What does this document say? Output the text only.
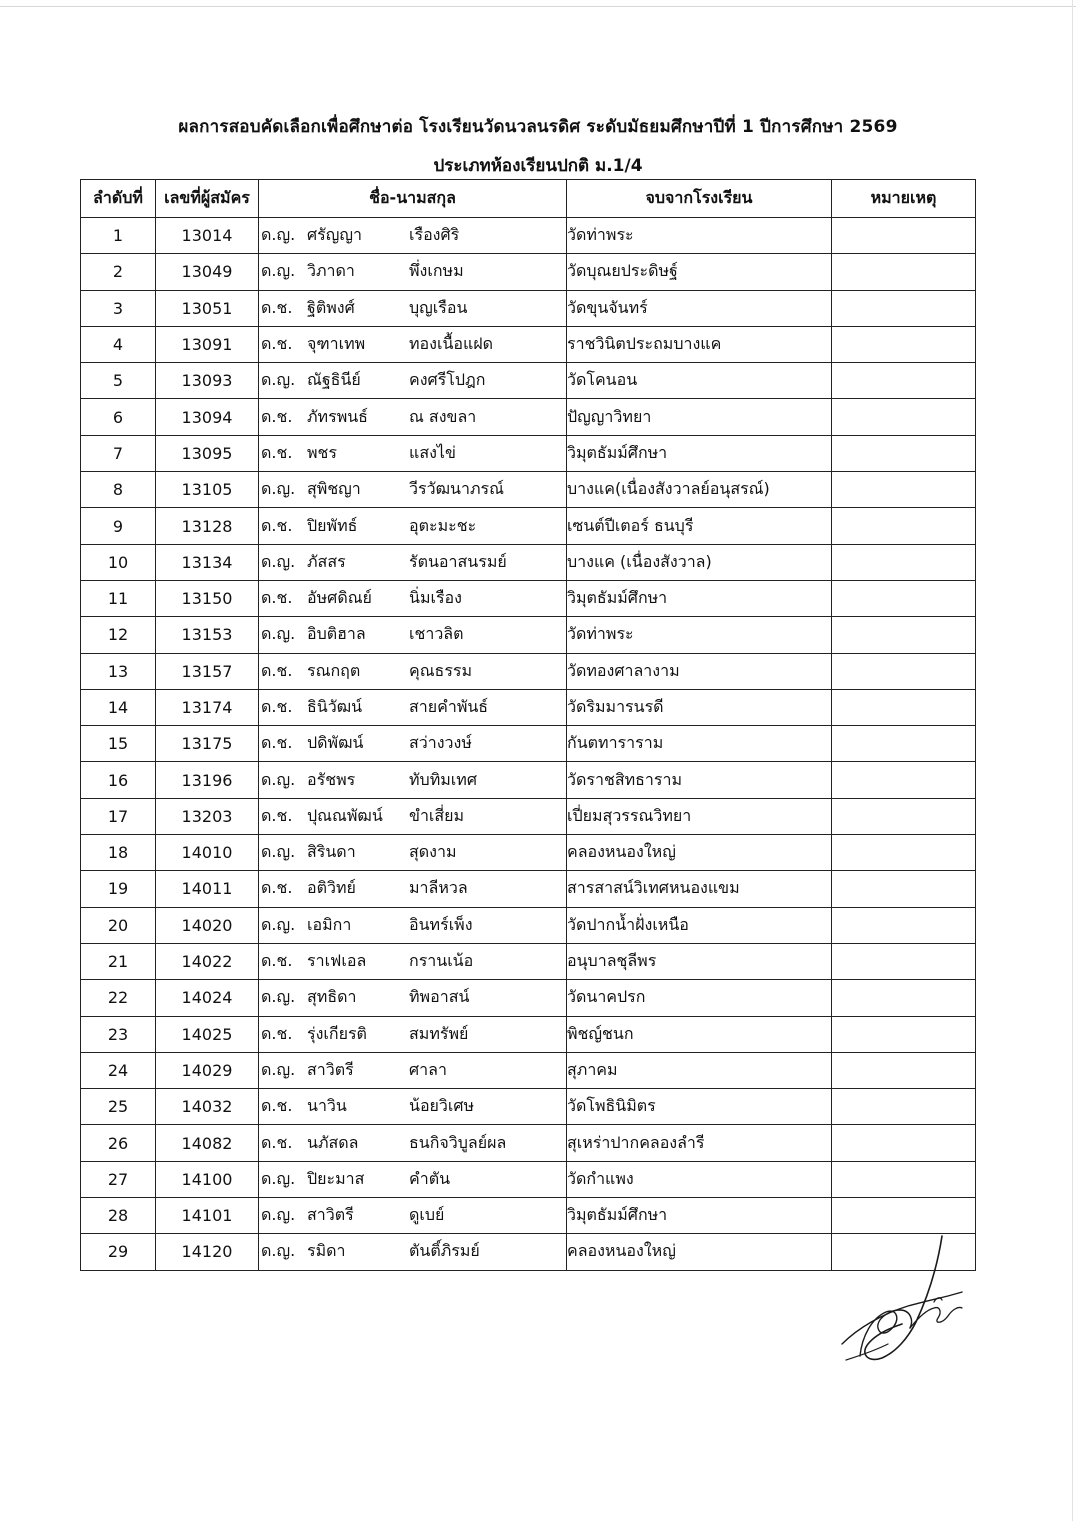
ผลการสอบคัดเลือกเพื่อศึกษาต่อ โรงเรียนวัดนวลนรดิศ ระดับมัธยมศึกษาปีที่ 1 ปีการศึกษา 2569
ประเภทห้องเรียนปกติ ม.1/4
ลำดับที่	เลขที่ผู้สมัคร	ชื่อ-นามสกุล	จบจากโรงเรียน	หมายเหตุ
1	13014	ด.ญ. ศรัญญา เรืองศิริ	วัดท่าพระ	
2	13049	ด.ญ. วิภาดา พึ่งเกษม	วัดบุณยประดิษฐ์	
3	13051	ด.ช. ฐิติพงศ์ บุญเรือน	วัดขุนจันทร์	
4	13091	ด.ช. จุฑาเทพ ทองเนื้อแฝด	ราชวินิตประถมบางแค	
5	13093	ด.ญ. ณัฐธินีย์ คงศรีโปฎก	วัดโคนอน	
6	13094	ด.ช. ภัทรพนธ์ ณ สงขลา	ปัญญาวิทยา	
7	13095	ด.ช. พชร แสงไข่	วิมุตธัมม์ศึกษา	
8	13105	ด.ญ. สุพิชญา วีรวัฒนาภรณ์	บางแค(เนื่องสังวาลย์อนุสรณ์)	
9	13128	ด.ช. ปิยพัทธ์ อุตะมะชะ	เซนต์ปีเตอร์ ธนบุรี	
10	13134	ด.ญ. ภัสสร รัตนอาสนรมย์	บางแค (เนื่องสังวาล)	
11	13150	ด.ช. อัษศดิณย์ นิ่มเรือง	วิมุตธัมม์ศึกษา	
12	13153	ด.ญ. อิบติฮาล เชาวลิต	วัดท่าพระ	
13	13157	ด.ช. รณกฤต คุณธรรม	วัดทองศาลางาม	
14	13174	ด.ช. ธินิวัฒน์ สายคำพันธ์	วัดริมมารนรดี	
15	13175	ด.ช. ปดิพัฒน์ สว่างวงษ์	กันตทาราราม	
16	13196	ด.ญ. อรัชพร ทับทิมเทศ	วัดราชสิทธาราม	
17	13203	ด.ช. ปุณณพัฒน์ ขำเสี่ยม	เปี่ยมสุวรรณวิทยา	
18	14010	ด.ญ. สิรินดา สุดงาม	คลองหนองใหญ่	
19	14011	ด.ช. อติวิทย์ มาลีหวล	สารสาสน์วิเทศหนองแขม	
20	14020	ด.ญ. เอมิกา อินทร์เพ็ง	วัดปากน้ำฝั่งเหนือ	
21	14022	ด.ช. ราเฟเอล กรานเน้อ	อนุบาลชุลีพร	
22	14024	ด.ญ. สุทธิดา ทิพอาสน์	วัดนาคปรก	
23	14025	ด.ช. รุ่งเกียรติ สมทรัพย์	พิชญ์ชนก	
24	14029	ด.ญ. สาวิตรี ศาลา	สุภาคม	
25	14032	ด.ช. นาวิน น้อยวิเศษ	วัดโพธินิมิตร	
26	14082	ด.ช. นภัสดล ธนกิจวิบูลย์ผล	สุเหร่าปากคลองลำรี	
27	14100	ด.ญ. ปิยะมาส คำตัน	วัดกำแพง	
28	14101	ด.ญ. สาวิตรี ดูเบย์	วิมุตธัมม์ศึกษา	
29	14120	ด.ญ. รมิดา ตันติ์ภิรมย์	คลองหนองใหญ่	
